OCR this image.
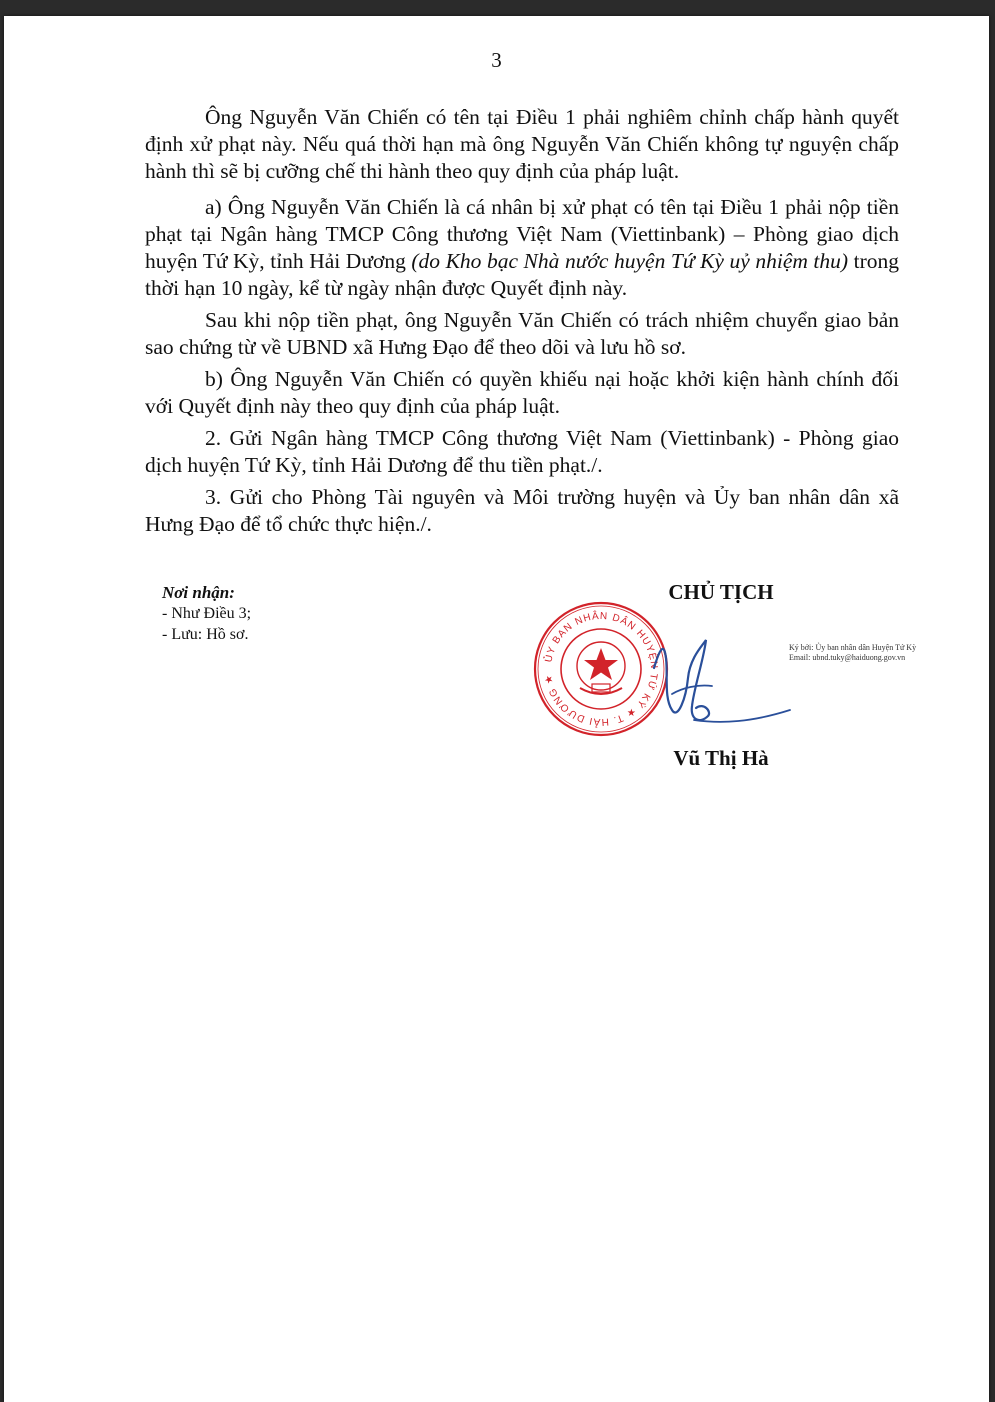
3

Ông Nguyễn Văn Chiến có tên tại Điều 1 phải nghiêm chỉnh chấp hành quyết định xử phạt này. Nếu quá thời hạn mà ông Nguyễn Văn Chiến không tự nguyện chấp hành thì sẽ bị cưỡng chế thi hành theo quy định của pháp luật.

a) Ông Nguyễn Văn Chiến là cá nhân bị xử phạt có tên tại Điều 1 phải nộp tiền phạt tại Ngân hàng TMCP Công thương Việt Nam (Viettinbank) – Phòng giao dịch huyện Tứ Kỳ, tỉnh Hải Dương (do Kho bạc Nhà nước huyện Tứ Kỳ uỷ nhiệm thu) trong thời hạn 10 ngày, kể từ ngày nhận được Quyết định này.

Sau khi nộp tiền phạt, ông Nguyễn Văn Chiến có trách nhiệm chuyển giao bản sao chứng từ về UBND xã Hưng Đạo để theo dõi và lưu hồ sơ.

b) Ông Nguyễn Văn Chiến có quyền khiếu nại hoặc khởi kiện hành chính đối với Quyết định này theo quy định của pháp luật.

2. Gửi Ngân hàng TMCP Công thương Việt Nam (Viettinbank) - Phòng giao dịch huyện Tứ Kỳ, tỉnh Hải Dương để thu tiền phạt./.

3. Gửi cho Phòng Tài nguyên và Môi trường huyện và Ủy ban nhân dân xã Hưng Đạo để tổ chức thực hiện./.

Nơi nhận:
- Như Điều 3;
- Lưu: Hồ sơ.
CHỦ TỊCH
ỦY BAN NHÂN DÂN HUYỆN TỨ KỲ ★ T. HẢI DƯƠNG ★
Ký bởi: Ủy ban nhân dân Huyện Tứ Kỳ
Email: ubnd.tuky@haiduong.gov.vn
Vũ Thị Hà
